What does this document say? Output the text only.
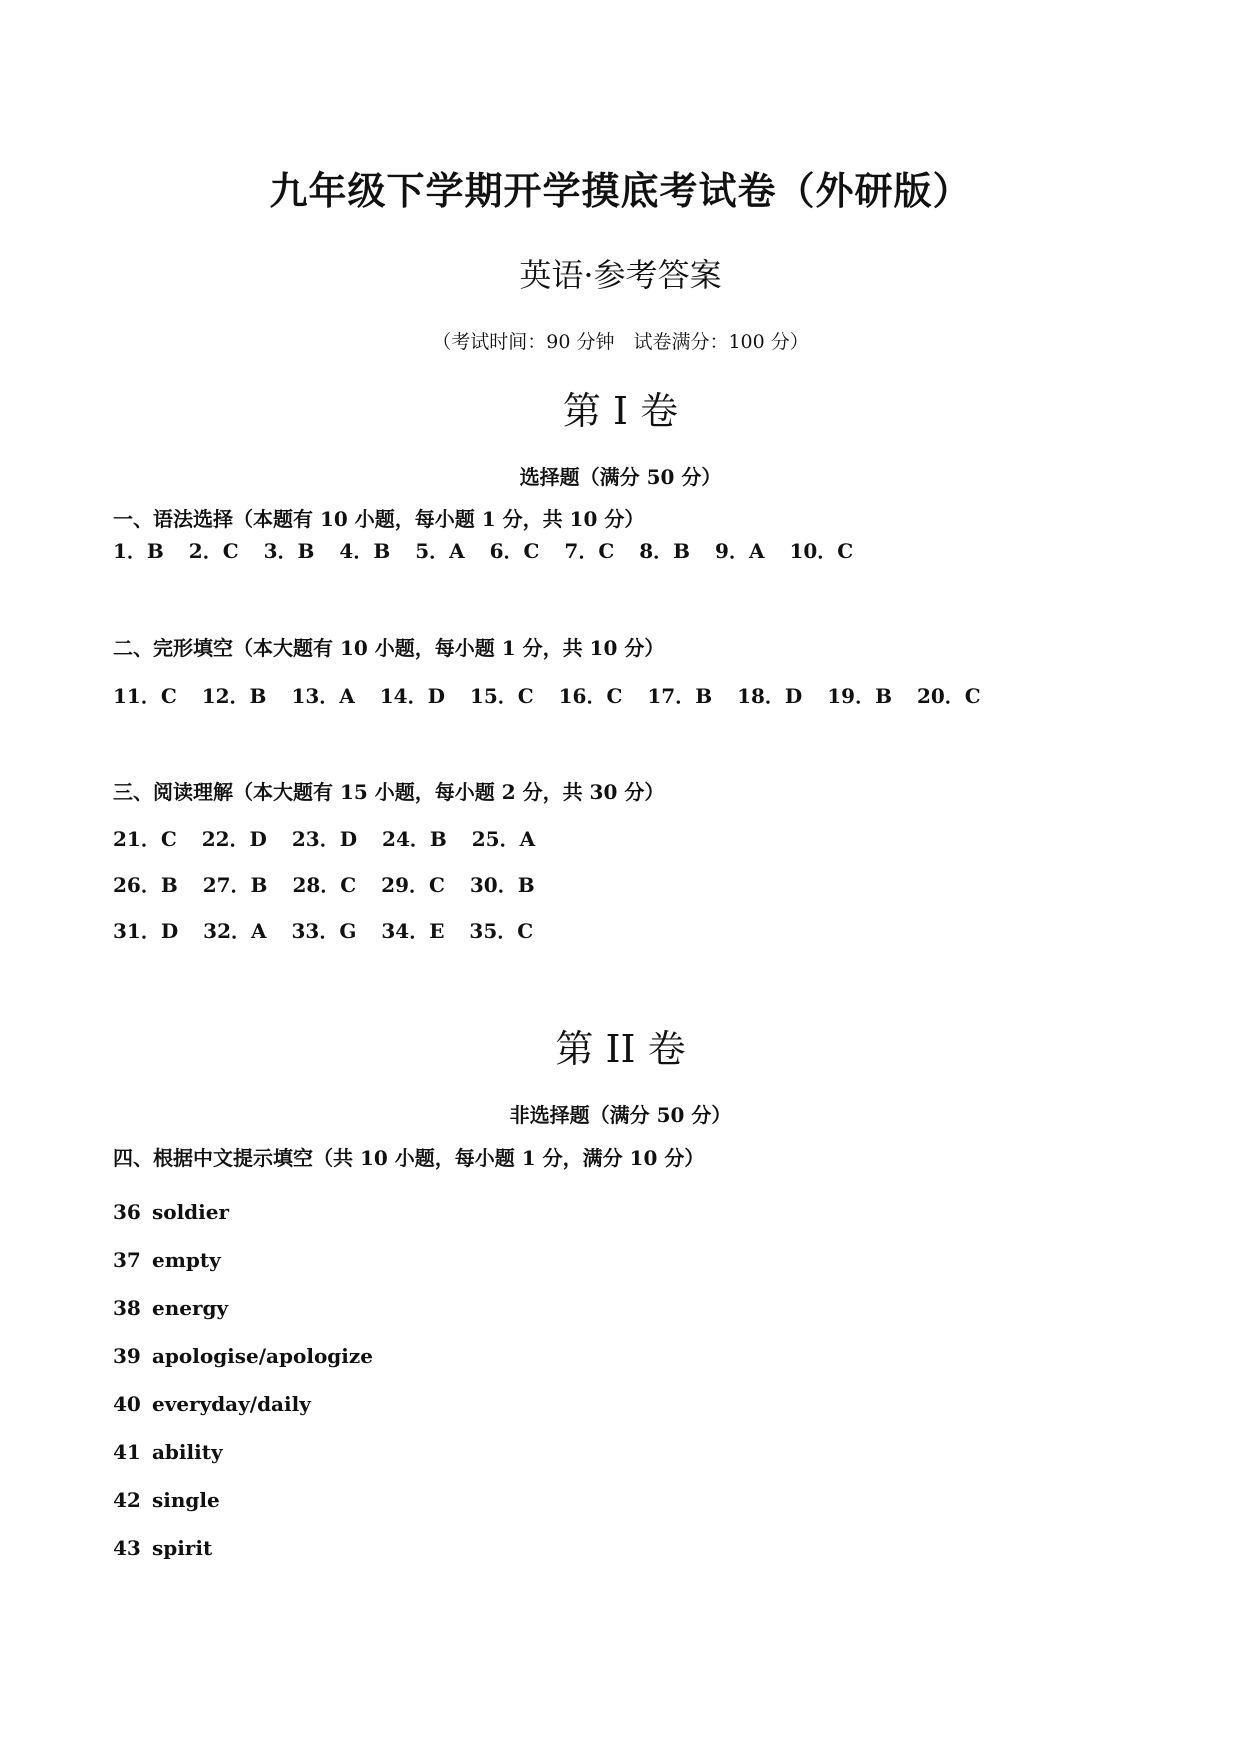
九年级下学期开学摸底考试卷（外研版）
英语·参考答案
（考试时间：90 分钟　试卷满分：100 分）
第 I 卷
选择题（满分 50 分）
一、语法选择（本题有 10 小题，每小题 1 分，共 10 分）
1．B 2．C 3．B 4．B 5．A 6．C 7．C 8．B 9．A 10．C
二、完形填空（本大题有 10 小题，每小题 1 分，共 10 分）
11．C 12．B 13．A 14．D 15．C 16．C 17．B 18．D 19．B 20．C
三、阅读理解（本大题有 15 小题，每小题 2 分，共 30 分）
21．C 22．D 23．D 24．B 25．A
26．B 27．B 28．C 29．C 30．B
31．D 32．A 33．G 34．E 35．C
第 II 卷
非选择题（满分 50 分）
四、根据中文提示填空（共 10 小题，每小题 1 分，满分 10 分）
36 soldier
37 empty
38 energy
39 apologise/apologize
40 everyday/daily
41 ability
42 single
43 spirit
